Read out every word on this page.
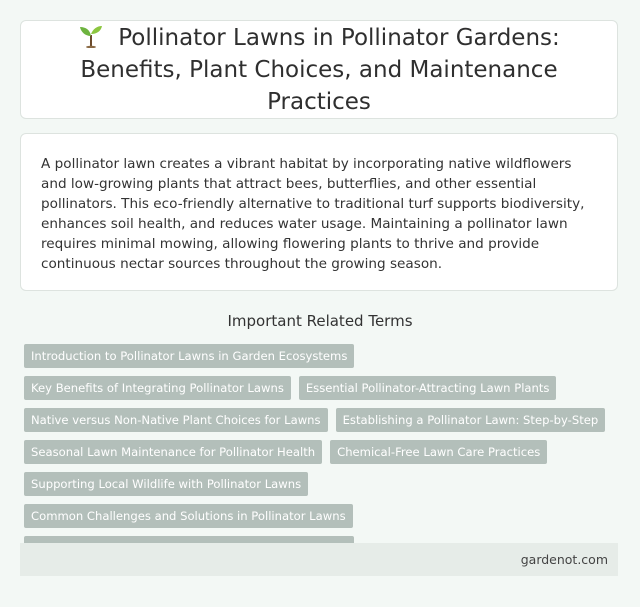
Pollinator Lawns in Pollinator Gardens: Benefits, Plant Choices, and Maintenance Practices

A pollinator lawn creates a vibrant habitat by incorporating native wildflowers and low-growing plants that attract bees, butterflies, and other essential pollinators. This eco-friendly alternative to traditional turf supports biodiversity, enhances soil health, and reduces water usage. Maintaining a pollinator lawn requires minimal mowing, allowing flowering plants to thrive and provide continuous nectar sources throughout the growing season.

Important Related Terms
Introduction to Pollinator Lawns in Garden Ecosystems
Key Benefits of Integrating Pollinator Lawns	Essential Pollinator-Attracting Lawn Plants
Native versus Non-Native Plant Choices for Lawns	Establishing a Pollinator Lawn: Step-by-Step
Seasonal Lawn Maintenance for Pollinator Health	Chemical-Free Lawn Care Practices
Supporting Local Wildlife with Pollinator Lawns
Common Challenges and Solutions in Pollinator Lawns
gardenot.com
